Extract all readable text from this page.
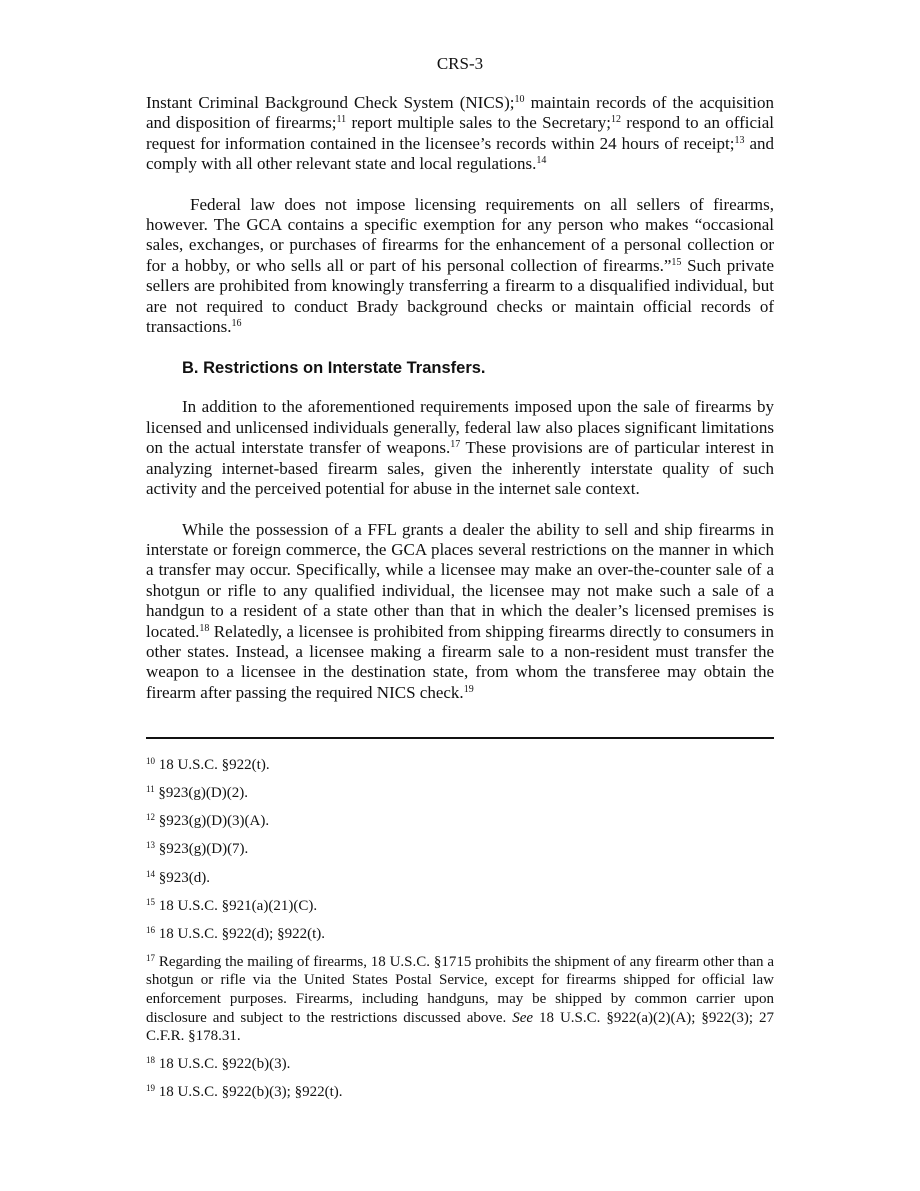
CRS-3

Instant Criminal Background Check System (NICS);$^{10}$ maintain records of the acquisition and disposition of firearms;$^{11}$ report multiple sales to the Secretary;$^{12}$ respond to an official request for information contained in the licensee’s records within 24 hours of receipt;$^{13}$ and comply with all other relevant state and local regulations.$^{14}$

Federal law does not impose licensing requirements on all sellers of firearms, however. The GCA contains a specific exemption for any person who makes “occasional sales, exchanges, or purchases of firearms for the enhancement of a personal collection or for a hobby, or who sells all or part of his personal collection of firearms.”$^{15}$ Such private sellers are prohibited from knowingly transferring a firearm to a disqualified individual, but are not required to conduct Brady background checks or maintain official records of transactions.$^{16}$

B. Restrictions on Interstate Transfers.

In addition to the aforementioned requirements imposed upon the sale of firearms by licensed and unlicensed individuals generally, federal law also places significant limitations on the actual interstate transfer of weapons.$^{17}$ These provisions are of particular interest in analyzing internet-based firearm sales, given the inherently interstate quality of such activity and the perceived potential for abuse in the internet sale context.

While the possession of a FFL grants a dealer the ability to sell and ship firearms in interstate or foreign commerce, the GCA places several restrictions on the manner in which a transfer may occur. Specifically, while a licensee may make an over-the-counter sale of a shotgun or rifle to any qualified individual, the licensee may not make such a sale of a handgun to a resident of a state other than that in which the dealer’s licensed premises is located.$^{18}$ Relatedly, a licensee is prohibited from shipping firearms directly to consumers in other states. Instead, a licensee making a firearm sale to a non-resident must transfer the weapon to a licensee in the destination state, from whom the transferee may obtain the firearm after passing the required NICS check.$^{19}$

$^{10}$ 18 U.S.C. §922(t).

$^{11}$ §923(g)(D)(2).

$^{12}$ §923(g)(D)(3)(A).

$^{13}$ §923(g)(D)(7).

$^{14}$ §923(d).

$^{15}$ 18 U.S.C. §921(a)(21)(C).

$^{16}$ 18 U.S.C. §922(d); §922(t).

$^{17}$ Regarding the mailing of firearms, 18 U.S.C. §1715 prohibits the shipment of any firearm other than a shotgun or rifle via the United States Postal Service, except for firearms shipped for official law enforcement purposes. Firearms, including handguns, may be shipped by common carrier upon disclosure and subject to the restrictions discussed above. See 18 U.S.C. §922(a)(2)(A); §922(3); 27 C.F.R. §178.31.

$^{18}$ 18 U.S.C. §922(b)(3).

$^{19}$ 18 U.S.C. §922(b)(3); §922(t).
